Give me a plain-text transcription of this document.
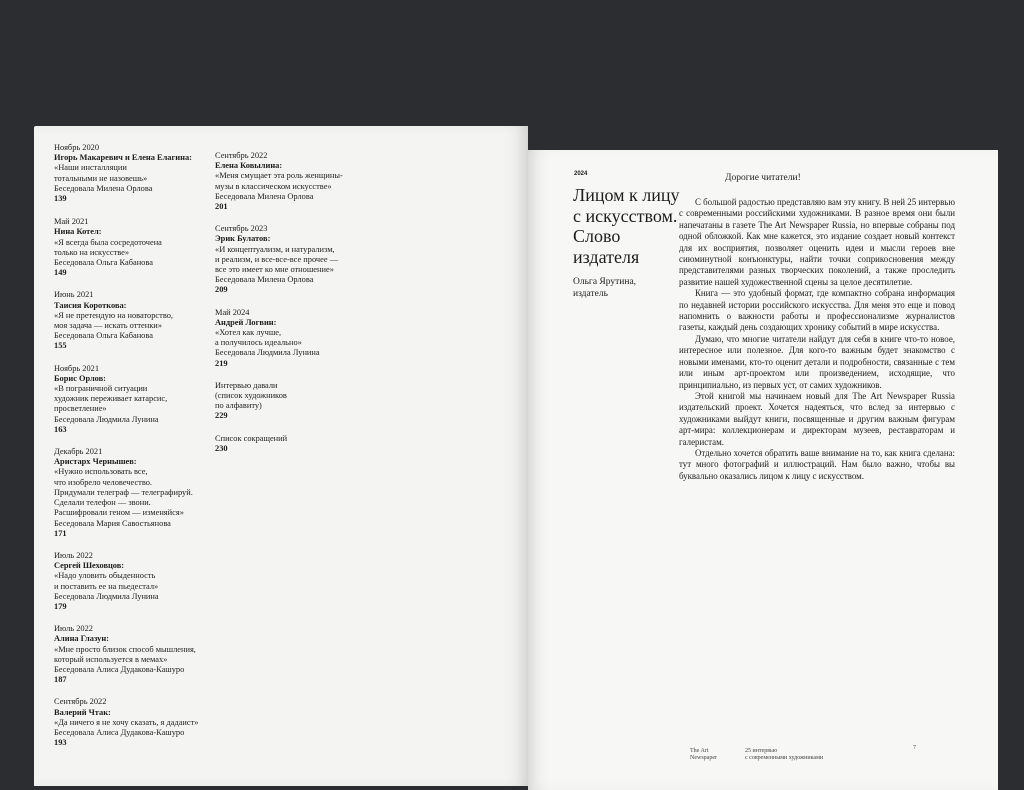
Ноябрь 2020
Игорь Макаревич и Елена Елагина:
«Наши инсталляции
тотальными не назовешь»
Беседовала Милена Орлова
139
Май 2021
Нина Котел:
«Я всегда была сосредоточена
только на искусстве»
Беседовала Ольга Кабанова
149
Июнь 2021
Таисия Короткова:
«Я не претендую на новаторство,
моя задача — искать оттенки»
Беседовала Ольга Кабанова
155
Ноябрь 2021
Борис Орлов:
«В пограничной ситуации
художник переживает катарсис,
просветление»
Беседовала Людмила Лунина
163
Декабрь 2021
Аристарх Чернышев:
«Нужно использовать все,
что изобрело человечество.
Придумали телеграф — телеграфируй.
Сделали телефон — звони.
Расшифровали геном — изменяйся»
Беседовала Мария Савостьянова
171
Июль 2022
Сергей Шеховцов:
«Надо уловить обыденность
и поставить ее на пьедестал»
Беседовала Людмила Лунина
179
Июль 2022
Алина Глазун:
«Мне просто близок способ мышления,
который используется в мемах»
Беседовала Алиса Дудакова-Кашуро
187
Сентябрь 2022
Валерий Чтак:
«Да ничего я не хочу сказать, я дадаист»
Беседовала Алиса Дудакова-Кашуро
193
Сентябрь 2022
Елена Ковылина:
«Меня смущает эта роль женщины-
музы в классическом искусстве»
Беседовала Милена Орлова
201
Сентябрь 2023
Эрик Булатов:
«И концептуализм, и натурализм,
и реализм, и все-все-все прочее —
все это имеет ко мне отношение»
Беседовала Милена Орлова
209
Май 2024
Андрей Логвин:
«Хотел как лучше,
а получилось идеально»
Беседовала Людмила Лунина
219
Интервью давали
(список художников
по алфавиту)
229
Список сокращений
230
2024
Лицом к лицу
с искусством.
Слово
издателя
Ольга Ярутина,
издатель
Дорогие читатели!

С большой радостью представляю вам эту книгу. В ней 25 интервью с современными российскими художниками. В разное время они были напечатаны в газете The Art Newspaper Russia, но впервые собраны под одной обложкой. Как мне кажется, это издание создает новый контекст для их восприятия, позволяет оценить идеи и мысли героев вне сиюминутной конъюнктуры, найти точки соприкосновения между представителями разных творческих поколений, а также проследить развитие нашей художественной сцены за целое десятилетие.

Книга — это удобный формат, где компактно собрана информация по недавней истории российского искусства. Для меня это еще и повод напомнить о важности работы и профессионализме журналистов газеты, каждый день создающих хронику событий в мире искусства.

Думаю, что многие читатели найдут для себя в книге что-то новое, интересное или полезное. Для кого-то важным будет знакомство с новыми именами, кто-то оценит детали и подробности, связанные с тем или иным арт-проектом или произведением, исходящие, что принципиально, из первых уст, от самих художников.

Этой книгой мы начинаем новый для The Art Newspaper Russia издательский проект. Хочется надеяться, что вслед за интервью с художниками выйдут книги, посвященные и другим важным фигурам арт-мира: коллекционерам и директорам музеев, реставраторам и галеристам.

Отдельно хочется обратить ваше внимание на то, как книга сделана: тут много фотографий и иллюстраций. Нам было важно, чтобы вы буквально оказались лицом к лицу с искусством.

The Art
Newspaper
25 интервью
с современными художниками
7
